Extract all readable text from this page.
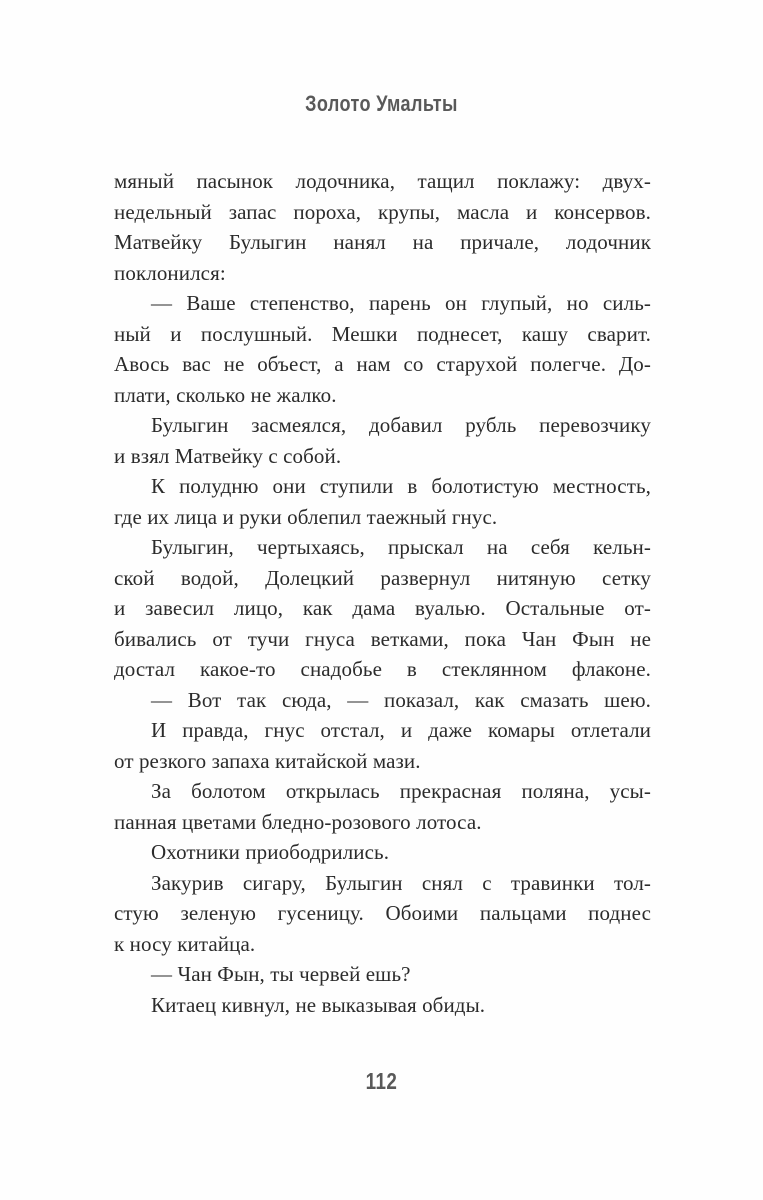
Золото Умальты
мяный пасынок лодочника, тащил поклажу: двух-
недельный запас пороха, крупы, масла и консервов.
Матвейку Булыгин нанял на причале, лодочник
поклонился:
— Ваше степенство, парень он глупый, но силь-
ный и послушный. Мешки поднесет, кашу сварит.
Авось вас не объест, а нам со старухой полегче. До-
плати, сколько не жалко.
Булыгин засмеялся, добавил рубль перевозчику
и взял Матвейку с собой.
К полудню они ступили в болотистую местность,
где их лица и руки облепил таежный гнус.
Булыгин, чертыхаясь, прыскал на себя кельн-
ской водой, Долецкий развернул нитяную сетку
и завесил лицо, как дама вуалью. Остальные от-
бивались от тучи гнуса ветками, пока Чан Фын не
достал какое-то снадобье в стеклянном флаконе.
— Вот так сюда, — показал, как смазать шею.
И правда, гнус отстал, и даже комары отлетали
от резкого запаха китайской мази.
За болотом открылась прекрасная поляна, усы-
панная цветами бледно-розового лотоса.
Охотники приободрились.
Закурив сигару, Булыгин снял с травинки тол-
стую зеленую гусеницу. Обоими пальцами поднес
к носу китайца.
— Чан Фын, ты червей ешь?
Китаец кивнул, не выказывая обиды.
112
